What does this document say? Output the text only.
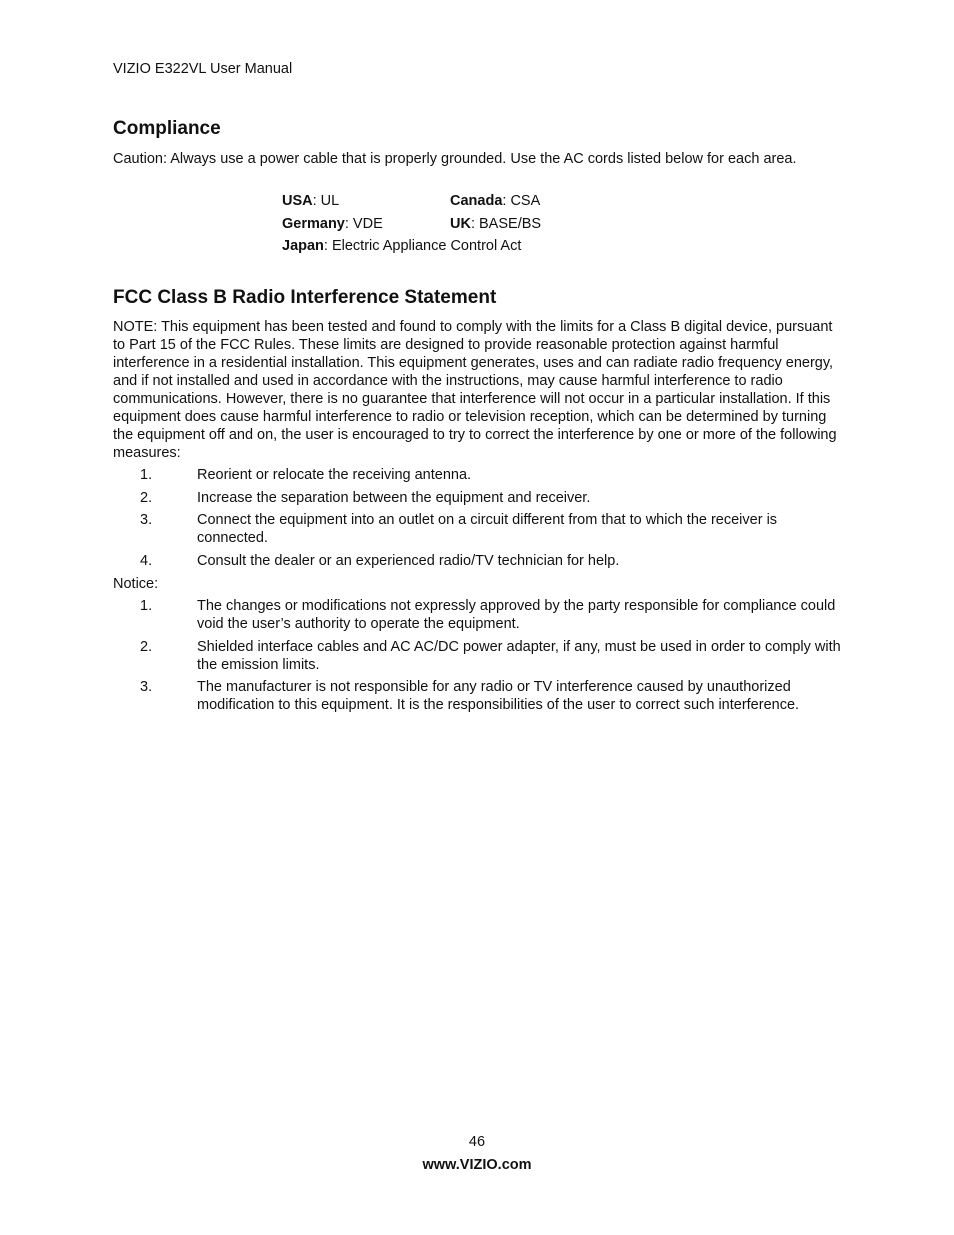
VIZIO E322VL User Manual
Compliance

Caution: Always use a power cable that is properly grounded. Use the AC cords listed below for each area.

USA: UL	Canada: CSA
Germany: VDE	UK: BASE/BS
Japan: Electric Appliance Control Act
FCC Class B Radio Interference Statement

NOTE: This equipment has been tested and found to comply with the limits for a Class B digital device, pursuant to Part 15 of the FCC Rules. These limits are designed to provide reasonable protection against harmful interference in a residential installation. This equipment generates, uses and can radiate radio frequency energy, and if not installed and used in accordance with the instructions, may cause harmful interference to radio communications. However, there is no guarantee that interference will not occur in a particular installation. If this equipment does cause harmful interference to radio or television reception, which can be determined by turning the equipment off and on, the user is encouraged to try to correct the interference by one or more of the following measures:

1.	Reorient or relocate the receiving antenna.
2.	Increase the separation between the equipment and receiver.
3.	Connect the equipment into an outlet on a circuit different from that to which the receiver is connected.
4.	Consult the dealer or an experienced radio/TV technician for help.
Notice:
1.	The changes or modifications not expressly approved by the party responsible for compliance could void the user’s authority to operate the equipment.
2.	Shielded interface cables and AC AC/DC power adapter, if any, must be used in order to comply with the emission limits.
3.	The manufacturer is not responsible for any radio or TV interference caused by unauthorized modification to this equipment. It is the responsibilities of the user to correct such interference.
46
www.VIZIO.com
